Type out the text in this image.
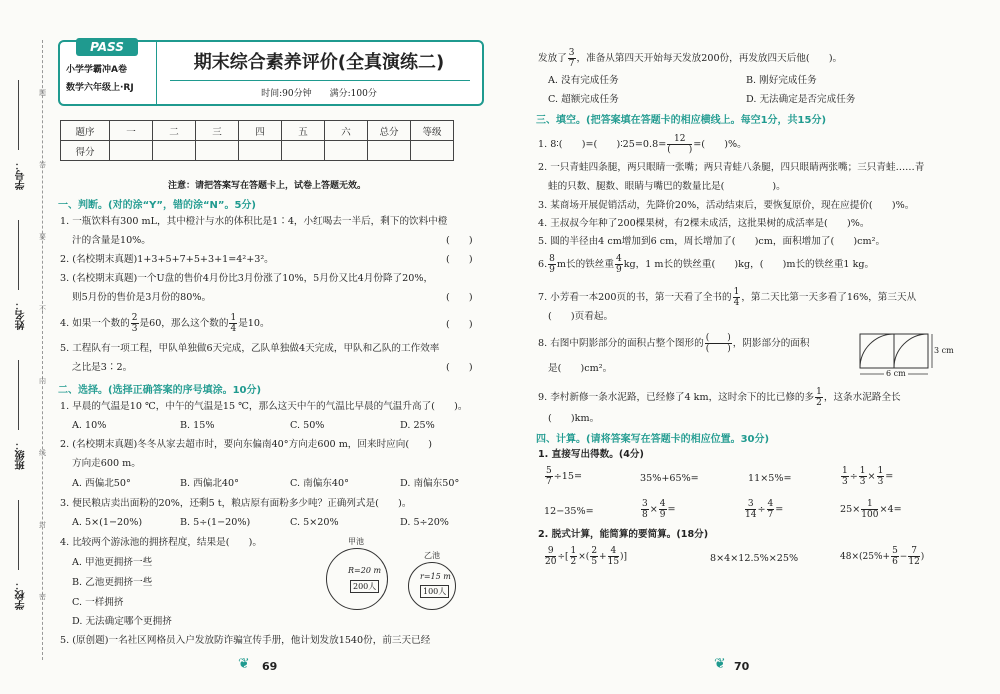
学号：
姓名：
班级：
学校：
题
答
要
不
内
线
封
密
PASS
小学学霸冲A卷
数学六年级上·RJ
期末综合素养评价(全真演练二)
时间:90分钟　　满分:100分
题序	一	二	三	四	五	六	总分	等级
得分								
注意：请把答案写在答题卡上，试卷上答题无效。
一、判断。(对的涂“Y”，错的涂“N”。5分)
1. 一瓶饮料有300 mL，其中橙汁与水的体积比是1∶4，小红喝去一半后，剩下的饮料中橙
汁的含量是10%。	(　　)
2. (名校期末真题)1+3+5+7+5+3+1=4²+3²。	(　　)
3. (名校期末真题)一个U盘的售价4月份比3月份涨了10%，5月份又比4月份降了20%，
则5月份的售价是3月份的80%。	(　　)
4. 如果一个数的 $\frac{2}{3}$ 是60，那么这个数的 $\frac{1}{4}$ 是10。	(　　)
5. 工程队有一项工程，甲队单独做6天完成，乙队单独做4天完成，甲队和乙队的工作效率
之比是3∶2。	(　　)
二、选择。(选择正确答案的序号填涂。10分)
1. 早晨的气温是10 ℃，中午的气温是15 ℃，那么这天中午的气温比早晨的气温升高了(　　)。
A. 10%	B. 15%	C. 50%	D. 25%
2. (名校期末真题)冬冬从家去超市时，要向东偏南40°方向走600 m，回来时应向(　　)
方向走600 m。
A. 西偏北50°	B. 西偏北40°	C. 南偏东40°	D. 南偏东50°
3. 便民粮店卖出面粉的20%，还剩5 t，粮店原有面粉多少吨？正确列式是(　　)。
A. 5×(1−20%)	B. 5÷(1−20%)	C. 5×20%	D. 5÷20%
4. 比较两个游泳池的拥挤程度，结果是(　　)。
A. 甲池更拥挤一些
B. 乙池更拥挤一些
C. 一样拥挤
D. 无法确定哪个更拥挤
甲池
R=20 m
200人
乙池
r=15 m
100人
5. (原创题)一名社区网格员入户发放防诈骗宣传手册，他计划发放1540份，前三天已经
❦ 69
发放了 $\frac{3}{7}$ ，准备从第四天开始每天发放200份，再发放四天后他(　　)。
A. 没有完成任务	B. 刚好完成任务
C. 超额完成任务	D. 无法确定是否完成任务
三、填空。(把答案填在答题卡的相应横线上。每空1分，共15分)
1. 8∶(　　)=(　　)∶25=0.8= $\frac{12}{( )}$ =(　　)%。
2. 一只青蛙四条腿，两只眼睛一张嘴；两只青蛙八条腿，四只眼睛两张嘴；三只青蛙……青
蛙的只数、腿数、眼睛与嘴巴的数量比是(　　　　　)。
3. 某商场开展促销活动，先降价20%，活动结束后，要恢复原价，现在应提价(　　)%。
4. 王叔叔今年种了200棵果树，有2棵未成活，这批果树的成活率是(　　)%。
5. 圆的半径由4 cm增加到6 cm，周长增加了(　　)cm，面积增加了(　　)cm²。
6. $\frac{8}{9}$ m长的铁丝重 $\frac{4}{9}$ kg，1 m长的铁丝重(　　)kg，(　　)m长的铁丝重1 kg。
7. 小芳看一本200页的书，第一天看了全书的 $\frac{1}{4}$ ，第二天比第一天多看了16%，第三天从
(　　)页看起。
8. 右图中阴影部分的面积占整个图形的 $\frac{( )}{( )}$ ，阴影部分的面积
是(　　)cm²。
3 cm
6 cm
9. 李村新修一条水泥路，已经修了4 km，这时余下的比已修的多 $\frac{1}{2}$ ，这条水泥路全长
(　　)km。
四、计算。(请将答案写在答题卡的相应位置。30分)
1. 直接写出得数。(4分)
$\frac{5}{7} \div 15=$	35%+65%=	11×5%=	$\frac{1}{3} \div \frac{1}{3} \times \frac{1}{3}$ =
12−35%=	$\frac{3}{8} \times \frac{4}{9}$ =	$\frac{3}{14} \div \frac{4}{7}$ =	$25\times \frac{1}{100} \times 4=$
2. 脱式计算，能简算的要简算。(18分)
$\frac{9}{20}$ ÷[ $\frac{1}{2}$ ×( $\frac{2}{5} + \frac{4}{15}$ )]	8×4×12.5%×25%	$48\times(25\%+ \frac{5}{6} - \frac{7}{12}$ )
❦ 70
